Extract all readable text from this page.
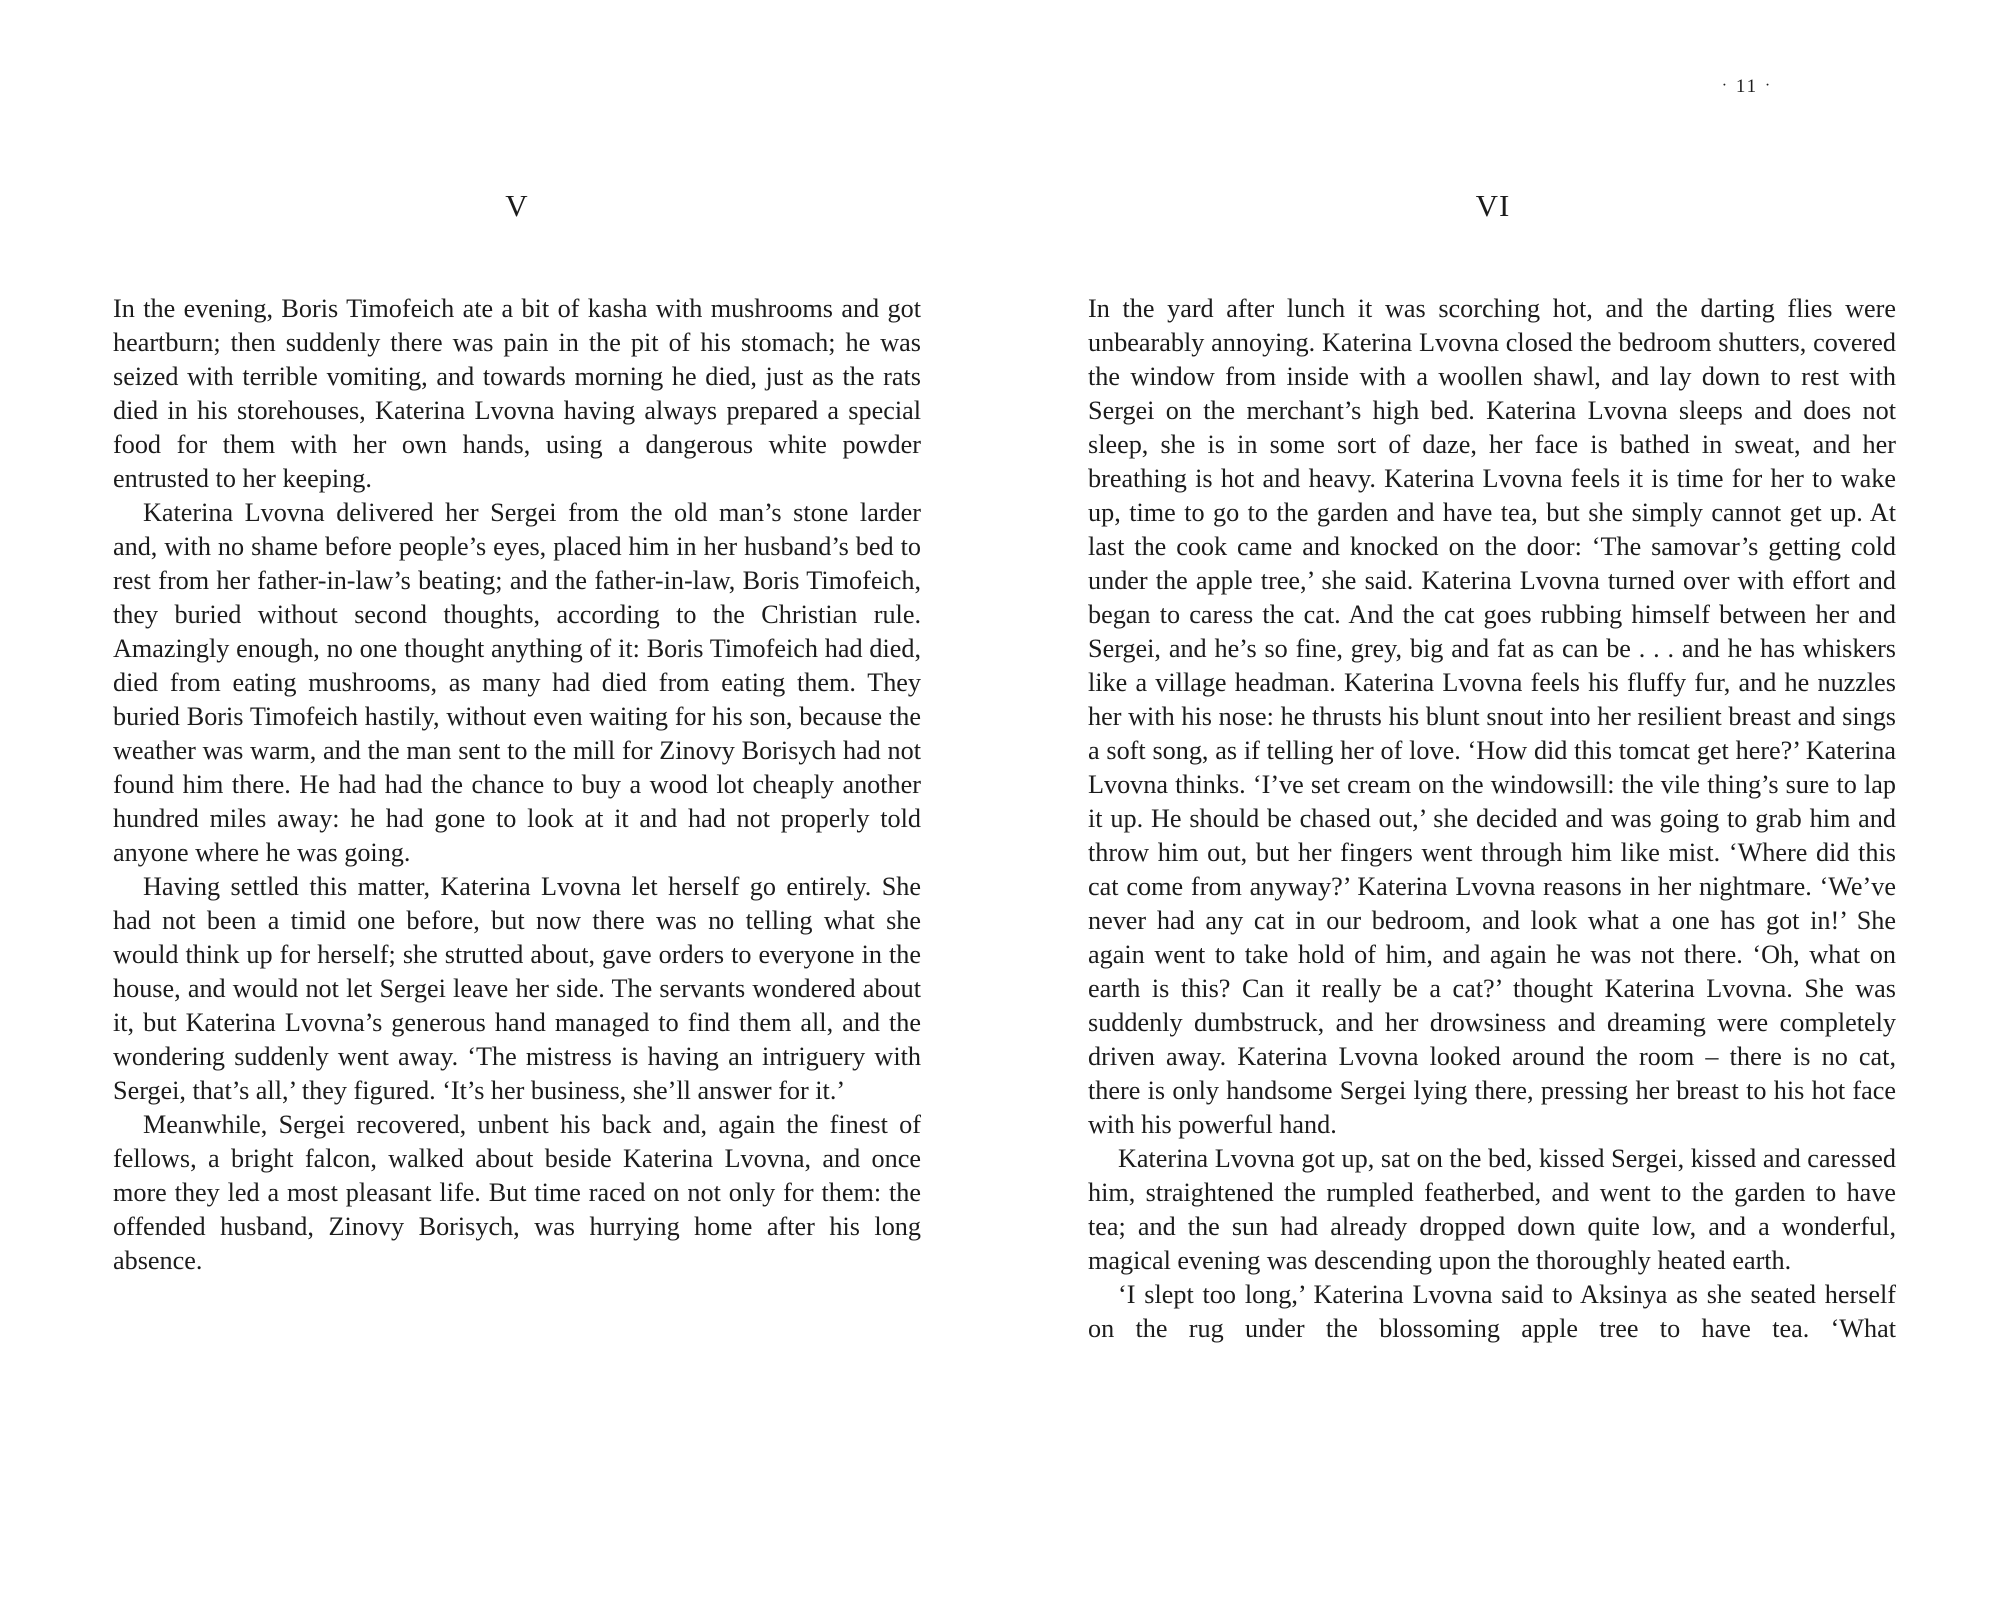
V

In the evening, Boris Timofeich ate a bit of kasha with mushrooms and got heartburn; then suddenly there was pain in the pit of his stomach; he was seized with terrible vomiting, and towards morning he died, just as the rats died in his storehouses, Katerina Lvovna having always prepared a special food for them with her own hands, using a dangerous white powder entrusted to her keeping.

Katerina Lvovna delivered her Sergei from the old man’s stone larder and, with no shame before people’s eyes, placed him in her husband’s bed to rest from her father-in-law’s beating; and the father-in-law, Boris Timofeich, they buried without second thoughts, according to the Christian rule. Amazingly enough, no one thought anything of it: Boris Timofeich had died, died from eating mushrooms, as many had died from eating them. They buried Boris Timofeich hastily, without even waiting for his son, because the weather was warm, and the man sent to the mill for Zinovy Borisych had not found him there. He had had the chance to buy a wood lot cheaply another hundred miles away: he had gone to look at it and had not properly told anyone where he was going.

Having settled this matter, Katerina Lvovna let herself go entirely. She had not been a timid one before, but now there was no telling what she would think up for herself; she strutted about, gave orders to everyone in the house, and would not let Sergei leave her side. The servants wondered about it, but Katerina Lvovna’s generous hand managed to find them all, and the wondering suddenly went away. ‘The mistress is having an intriguery with Sergei, that’s all,’ they figured. ‘It’s her business, she’ll answer for it.’

Meanwhile, Sergei recovered, unbent his back and, again the finest of fellows, a bright falcon, walked about beside Katerina Lvovna, and once more they led a most pleasant life. But time raced on not only for them: the offended husband, Zinovy Borisych, was hurrying home after his long absence.

· 11 ·
VI

In the yard after lunch it was scorching hot, and the darting flies were unbearably annoying. Katerina Lvovna closed the bedroom shutters, covered the window from inside with a woollen shawl, and lay down to rest with Sergei on the merchant’s high bed. Katerina Lvovna sleeps and does not sleep, she is in some sort of daze, her face is bathed in sweat, and her breathing is hot and heavy. Katerina Lvovna feels it is time for her to wake up, time to go to the garden and have tea, but she simply cannot get up. At last the cook came and knocked on the door: ‘The samovar’s getting cold under the apple tree,’ she said. Katerina Lvovna turned over with effort and began to caress the cat. And the cat goes rubbing himself between her and Sergei, and he’s so fine, grey, big and fat as can be . . . and he has whiskers like a village headman. Katerina Lvovna feels his fluffy fur, and he nuzzles her with his nose: he thrusts his blunt snout into her resilient breast and sings a soft song, as if telling her of love. ‘How did this tomcat get here?’ Katerina Lvovna thinks. ‘I’ve set cream on the windowsill: the vile thing’s sure to lap it up. He should be chased out,’ she decided and was going to grab him and throw him out, but her fingers went through him like mist. ‘Where did this cat come from anyway?’ Katerina Lvovna reasons in her nightmare. ‘We’ve never had any cat in our bedroom, and look what a one has got in!’ She again went to take hold of him, and again he was not there. ‘Oh, what on earth is this? Can it really be a cat?’ thought Katerina Lvovna. She was suddenly dumbstruck, and her drowsiness and dreaming were completely driven away. Katerina Lvovna looked around the room – there is no cat, there is only handsome Sergei lying there, pressing her breast to his hot face with his powerful hand.

Katerina Lvovna got up, sat on the bed, kissed Sergei, kissed and caressed him, straightened the rumpled featherbed, and went to the garden to have tea; and the sun had already dropped down quite low, and a wonderful, magical evening was descending upon the thoroughly heated earth.

‘I slept too long,’ Katerina Lvovna said to Aksinya as she seated herself on the rug under the blossoming apple tree to have tea. ‘What
